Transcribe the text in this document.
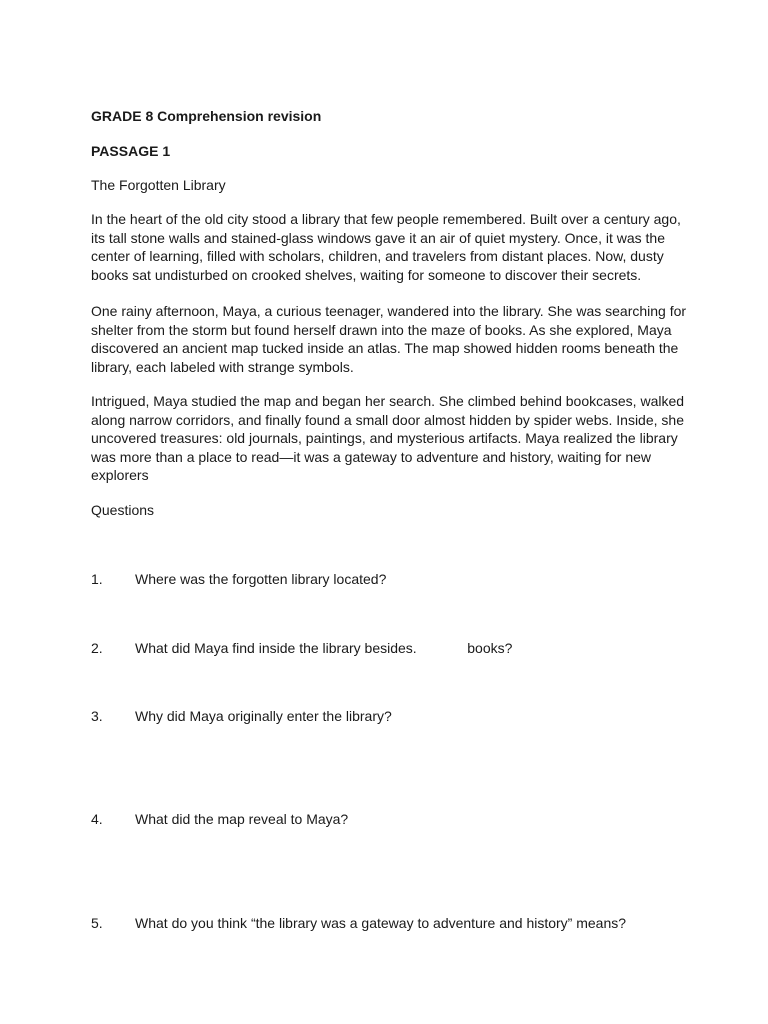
GRADE 8 Comprehension revision

PASSAGE 1

The Forgotten Library

In the heart of the old city stood a library that few people remembered. Built over a century ago, its tall stone walls and stained-glass windows gave it an air of quiet mystery. Once, it was the center of learning, filled with scholars, children, and travelers from distant places. Now, dusty books sat undisturbed on crooked shelves, waiting for someone to discover their secrets.

One rainy afternoon, Maya, a curious teenager, wandered into the library. She was searching for shelter from the storm but found herself drawn into the maze of books. As she explored, Maya discovered an ancient map tucked inside an atlas. The map showed hidden rooms beneath the library, each labeled with strange symbols.

Intrigued, Maya studied the map and began her search. She climbed behind bookcases, walked along narrow corridors, and finally found a small door almost hidden by spider webs. Inside, she uncovered treasures: old journals, paintings, and mysterious artifacts. Maya realized the library was more than a place to read—it was a gateway to adventure and history, waiting for new explorers

Questions

1. Where was the forgotten library located?
2. What did Maya find inside the library besides.             books?
3. Why did Maya originally enter the library?
4. What did the map reveal to Maya?
5. What do you think “the library was a gateway to adventure and history” means?
